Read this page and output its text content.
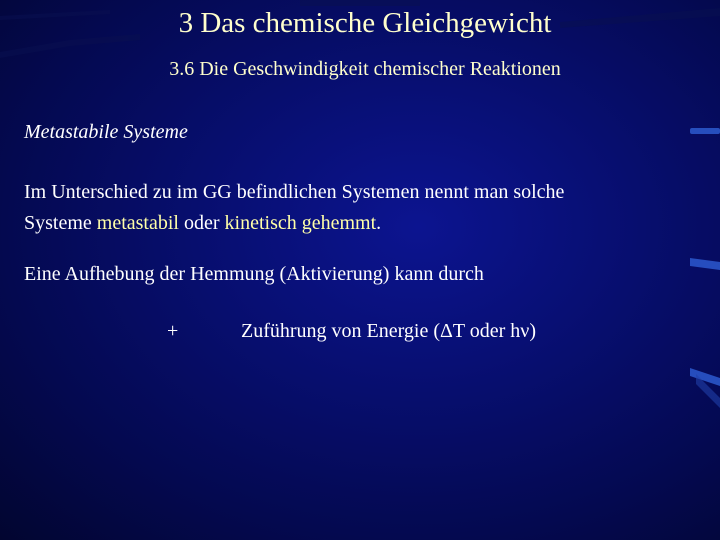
3 Das chemische Gleichgewicht
3.6 Die Geschwindigkeit chemischer Reaktionen
Metastabile Systeme
Im Unterschied zu im GG befindlichen Systemen nennt man solche
Systeme metastabil oder kinetisch gehemmt.
Eine Aufhebung der Hemmung (Aktivierung) kann durch
+	Zuführung von Energie (ΔT oder hν)
